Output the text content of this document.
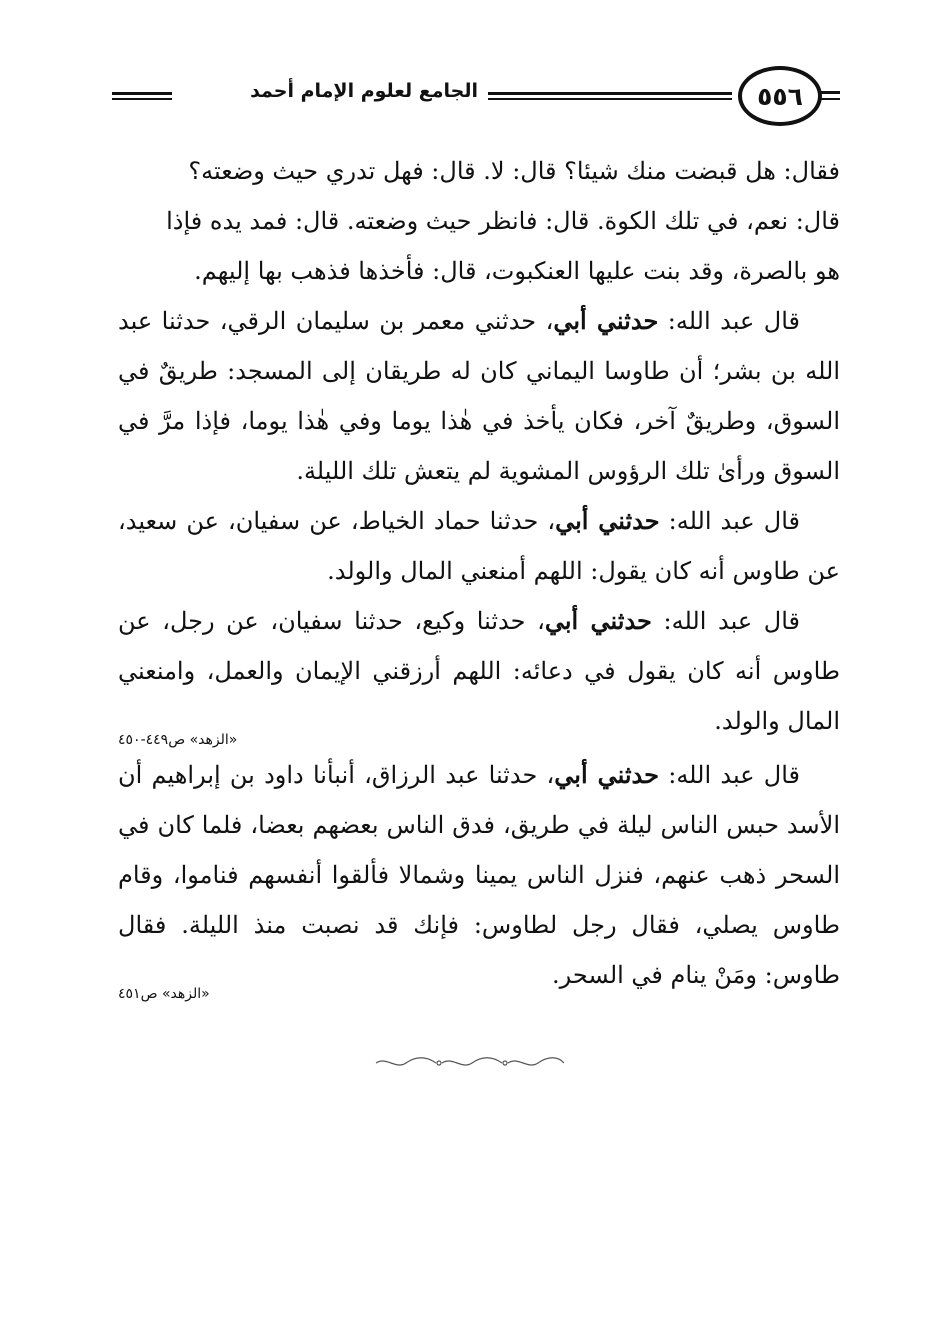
٥٥٦
الجامع لعلوم الإمام أحمد

فقال: هل قبضت منك شيئا؟ قال: لا. قال: فهل تدري حيث وضعته؟
قال: نعم، في تلك الكوة. قال: فانظر حيث وضعته. قال: فمد يده فإذا
هو بالصرة، وقد بنت عليها العنكبوت، قال: فأخذها فذهب بها إليهم.

قال عبد الله: حدثني أبي، حدثني معمر بن سليمان الرقي، حدثنا عبد الله بن بشر؛ أن طاوسا اليماني كان له طريقان إلى المسجد: طريقٌ في السوق، وطريقٌ آخر، فكان يأخذ في هٰذا يوما وفي هٰذا يوما، فإذا مرَّ في السوق ورأىٰ تلك الرؤوس المشوية لم يتعش تلك الليلة.

قال عبد الله: حدثني أبي، حدثنا حماد الخياط، عن سفيان، عن سعيد، عن طاوس أنه كان يقول: اللهم أمنعني المال والولد.

قال عبد الله: حدثني أبي، حدثنا وكيع، حدثنا سفيان، عن رجل، عن طاوس أنه كان يقول في دعائه: اللهم أرزقني الإيمان والعمل، وامنعني المال والولد.

«الزهد» ص٤٤٩-٤٥٠

قال عبد الله: حدثني أبي، حدثنا عبد الرزاق، أنبأنا داود بن إبراهيم أن الأسد حبس الناس ليلة في طريق، فدق الناس بعضهم بعضا، فلما كان في السحر ذهب عنهم، فنزل الناس يمينا وشمالا فألقوا أنفسهم فناموا، وقام طاوس يصلي، فقال رجل لطاوس: فإنك قد نصبت منذ الليلة. فقال طاوس: ومَنْ ينام في السحر.

«الزهد» ص٤٥١
